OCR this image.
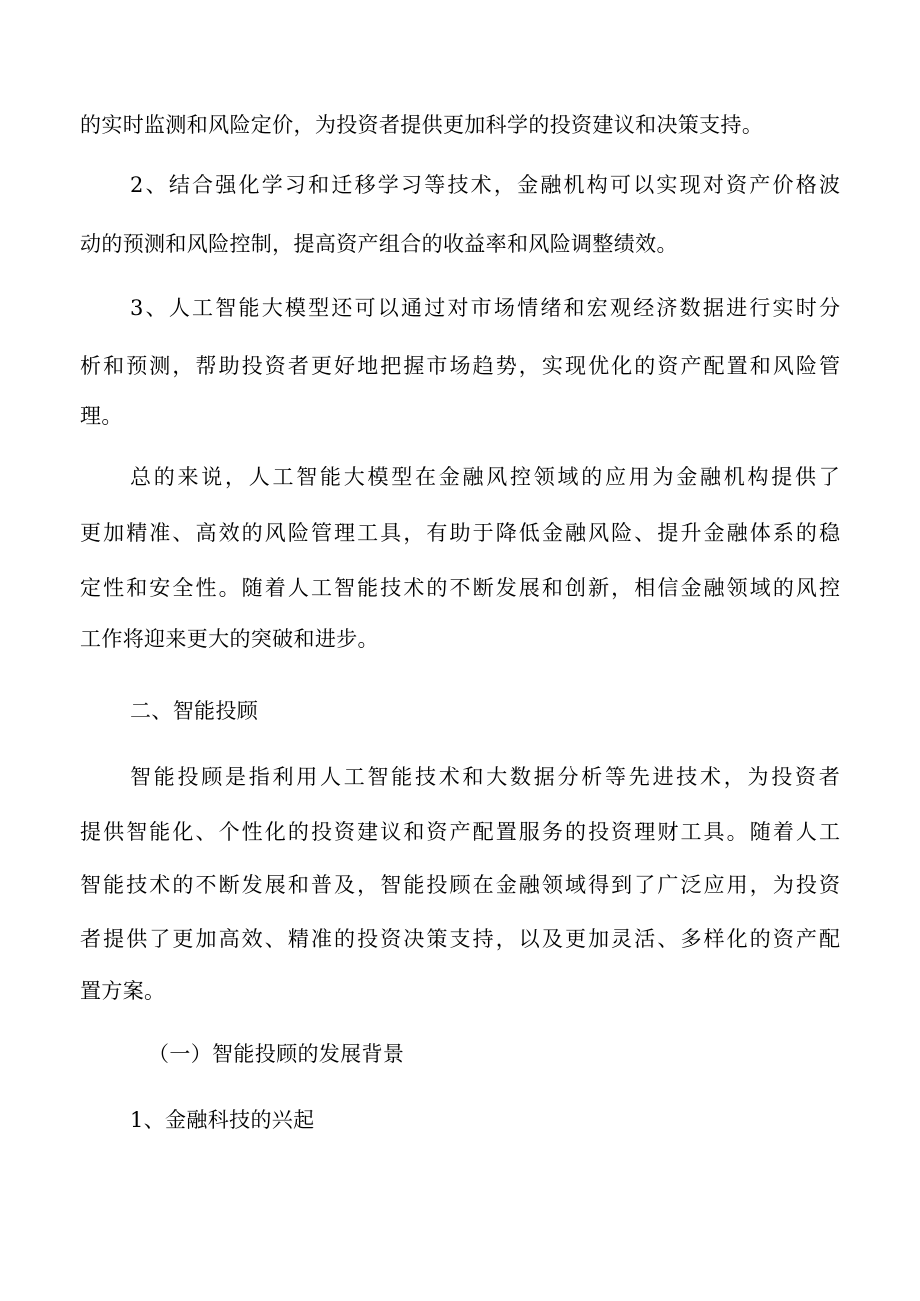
的实时监测和风险定价，为投资者提供更加科学的投资建议和决策支持。
2 、 结 合 强 化 学 习 和 迁 移 学 习 等 技 术 ， 金 融 机 构 可 以 实 现 对 资 产 价 格 波
动的预测和风险控制，提高资产组合的收益率和风险调整绩效。
3 、 人 工 智 能 大 模 型 还 可 以 通 过 对 市 场 情 绪 和 宏 观 经 济 数 据 进 行 实 时 分
析 和 预 测 ， 帮 助 投 资 者 更 好 地 把 握 市 场 趋 势 ， 实 现 优 化 的 资 产 配 置 和 风 险 管
理。
总 的 来 说 ， 人 工 智 能 大 模 型 在 金 融 风 控 领 域 的 应 用 为 金 融 机 构 提 供 了
更 加 精 准 、 高 效 的 风 险 管 理 工 具 ， 有 助 于 降 低 金 融 风 险 、 提 升 金 融 体 系 的 稳
定 性 和 安 全 性 。 随 着 人 工 智 能 技 术 的 不 断 发 展 和 创 新 ， 相 信 金 融 领 域 的 风 控
工作将迎来更大的突破和进步。
二、智能投顾
智 能 投 顾 是 指 利 用 人 工 智 能 技 术 和 大 数 据 分 析 等 先 进 技 术 ， 为 投 资 者
提 供 智 能 化 、 个 性 化 的 投 资 建 议 和 资 产 配 置 服 务 的 投 资 理 财 工 具 。 随 着 人 工
智 能 技 术 的 不 断 发 展 和 普 及 ， 智 能 投 顾 在 金 融 领 域 得 到 了 广 泛 应 用 ， 为 投 资
者 提 供 了 更 加 高 效 、 精 准 的 投 资 决 策 支 持 ， 以 及 更 加 灵 活 、 多 样 化 的 资 产 配
置方案。
（一）智能投顾的发展背景
1、金融科技的兴起
